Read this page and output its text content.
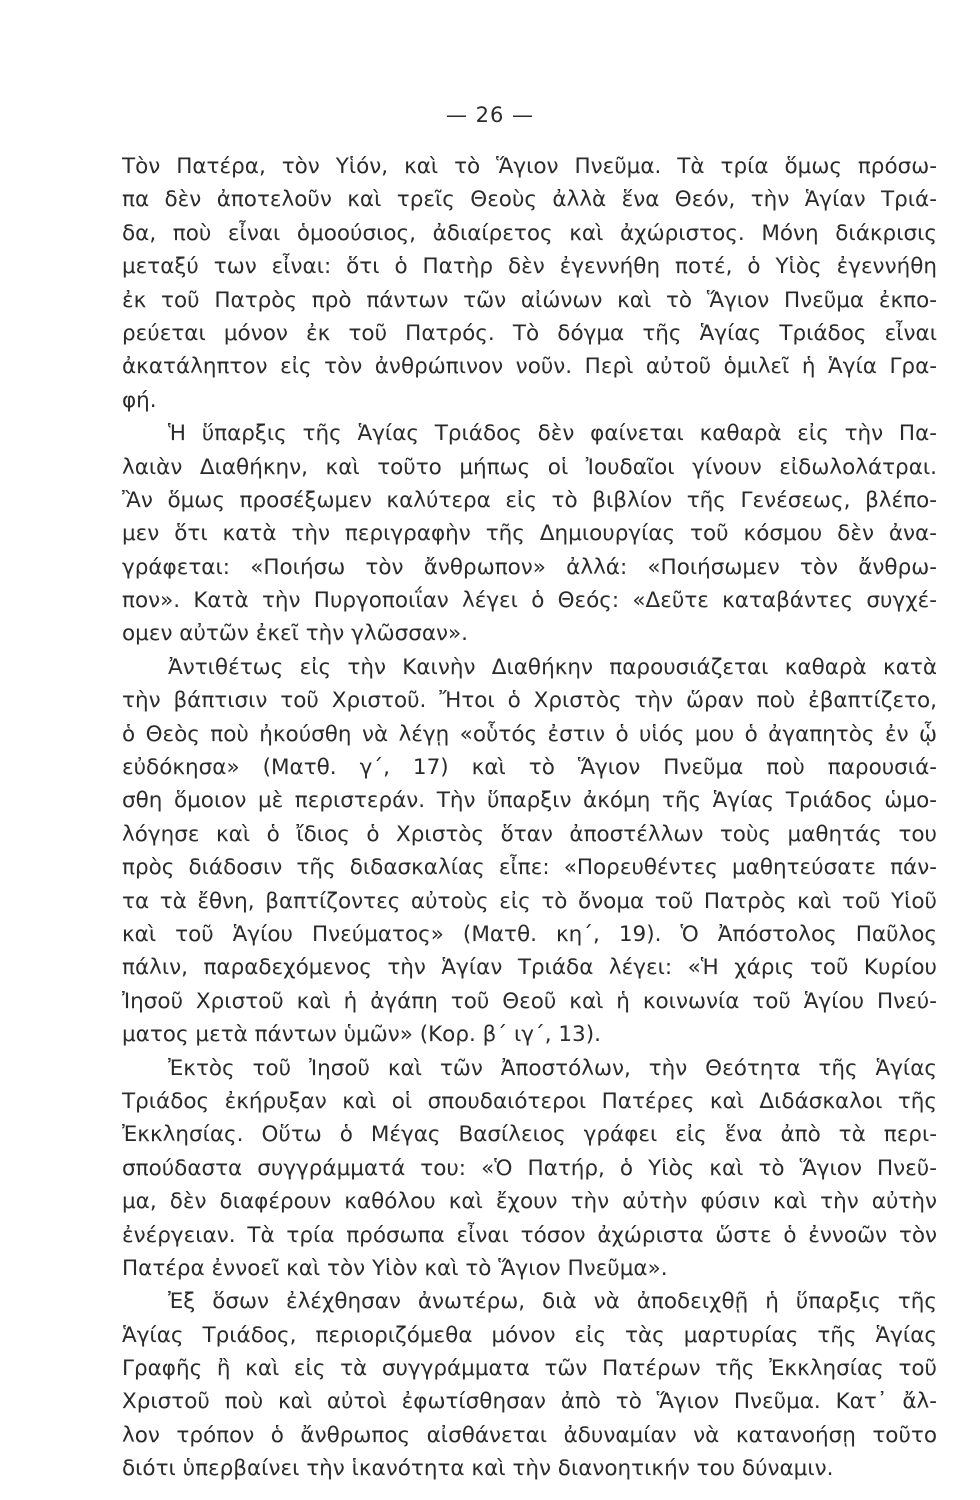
— 26 —
Τὸν Πατέρα, τὸν Υἱόν, καὶ τὸ Ἅγιον Πνεῦμα. Τὰ τρία ὅμως πρόσω-
πα δὲν ἀποτελοῦν καὶ τρεῖς Θεοὺς ἀλλὰ ἕνα Θεόν, τὴν Ἁγίαν Τριά-
δα, ποὺ εἶναι ὁμοούσιος, ἀδιαίρετος καὶ ἀχώριστος. Μόνη διάκρισις
μεταξύ των εἶναι: ὅτι ὁ Πατὴρ δὲν ἐγεννήθη ποτέ, ὁ Υἱὸς ἐγεννήθη
ἐκ τοῦ Πατρὸς πρὸ πάντων τῶν αἰώνων καὶ τὸ Ἅγιον Πνεῦμα ἐκπο-
ρεύεται μόνον ἐκ τοῦ Πατρός. Τὸ δόγμα τῆς Ἁγίας Τριάδος εἶναι
ἀκατάληπτον εἰς τὸν ἀνθρώπινον νοῦν. Περὶ αὐτοῦ ὁμιλεῖ ἡ Ἁγία Γρα-
φή.
Ἡ ὕπαρξις τῆς Ἁγίας Τριάδος δὲν φαίνεται καθαρὰ εἰς τὴν Πα-
λαιὰν Διαθήκην, καὶ τοῦτο μήπως οἱ Ἰουδαῖοι γίνουν εἰδωλολάτραι.
Ἂν ὅμως προσέξωμεν καλύτερα εἰς τὸ βιβλίον τῆς Γενέσεως, βλέπο-
μεν ὅτι κατὰ τὴν περιγραφὴν τῆς Δημιουργίας τοῦ κόσμου δὲν ἀνα-
γράφεται: «Ποιήσω τὸν ἄνθρωπον» ἀλλά: «Ποιήσωμεν τὸν ἄνθρω-
πον». Κατὰ τὴν Πυργοποιΐαν λέγει ὁ Θεός: «Δεῦτε καταβάντες συγχέ-
ομεν αὐτῶν ἐκεῖ τὴν γλῶσσαν».
Ἀντιθέτως εἰς τὴν Καινὴν Διαθήκην παρουσιάζεται καθαρὰ κατὰ
τὴν βάπτισιν τοῦ Χριστοῦ. Ἤτοι ὁ Χριστὸς τὴν ὥραν ποὺ ἐβαπτίζετο,
ὁ Θεὸς ποὺ ἠκούσθη νὰ λέγῃ «οὗτός ἐστιν ὁ υἱός μου ὁ ἀγαπητὸς ἐν ᾧ
εὐδόκησα» (Ματθ. γ΄, 17) καὶ τὸ Ἅγιον Πνεῦμα ποὺ παρουσιά-
σθη ὅμοιον μὲ περιστεράν. Τὴν ὕπαρξιν ἀκόμη τῆς Ἁγίας Τριάδος ὡμο-
λόγησε καὶ ὁ ἴδιος ὁ Χριστὸς ὅταν ἀποστέλλων τοὺς μαθητάς του
πρὸς διάδοσιν τῆς διδασκαλίας εἶπε: «Πορευθέντες μαθητεύσατε πάν-
τα τὰ ἔθνη, βαπτίζοντες αὐτοὺς εἰς τὸ ὄνομα τοῦ Πατρὸς καὶ τοῦ Υἱοῦ
καὶ τοῦ Ἁγίου Πνεύματος» (Ματθ. κη΄, 19). Ὁ Ἀπόστολος Παῦλος
πάλιν, παραδεχόμενος τὴν Ἁγίαν Τριάδα λέγει: «Ἡ χάρις τοῦ Κυρίου
Ἰησοῦ Χριστοῦ καὶ ἡ ἀγάπη τοῦ Θεοῦ καὶ ἡ κοινωνία τοῦ Ἁγίου Πνεύ-
ματος μετὰ πάντων ὑμῶν» (Κορ. β΄ ιγ΄, 13).
Ἐκτὸς τοῦ Ἰησοῦ καὶ τῶν Ἀποστόλων, τὴν Θεότητα τῆς Ἁγίας
Τριάδος ἐκήρυξαν καὶ οἱ σπουδαιότεροι Πατέρες καὶ Διδάσκαλοι τῆς
Ἐκκλησίας. Οὕτω ὁ Μέγας Βασίλειος γράφει εἰς ἕνα ἀπὸ τὰ περι-
σπούδαστα συγγράμματά του: «Ὁ Πατήρ, ὁ Υἱὸς καὶ τὸ Ἅγιον Πνεῦ-
μα, δὲν διαφέρουν καθόλου καὶ ἔχουν τὴν αὐτὴν φύσιν καὶ τὴν αὐτὴν
ἐνέργειαν. Τὰ τρία πρόσωπα εἶναι τόσον ἀχώριστα ὥστε ὁ ἐννοῶν τὸν
Πατέρα ἐννοεῖ καὶ τὸν Υἱὸν καὶ τὸ Ἅγιον Πνεῦμα».
Ἐξ ὅσων ἐλέχθησαν ἀνωτέρω, διὰ νὰ ἀποδειχθῇ ἡ ὕπαρξις τῆς
Ἁγίας Τριάδος, περιοριζόμεθα μόνον εἰς τὰς μαρτυρίας τῆς Ἁγίας
Γραφῆς ἢ καὶ εἰς τὰ συγγράμματα τῶν Πατέρων τῆς Ἐκκλησίας τοῦ
Χριστοῦ ποὺ καὶ αὐτοὶ ἐφωτίσθησαν ἀπὸ τὸ Ἅγιον Πνεῦμα. Κατ᾽ ἄλ-
λον τρόπον ὁ ἄνθρωπος αἰσθάνεται ἀδυναμίαν νὰ κατανοήσῃ τοῦτο
διότι ὑπερβαίνει τὴν ἱκανότητα καὶ τὴν διανοητικήν του δύναμιν.
